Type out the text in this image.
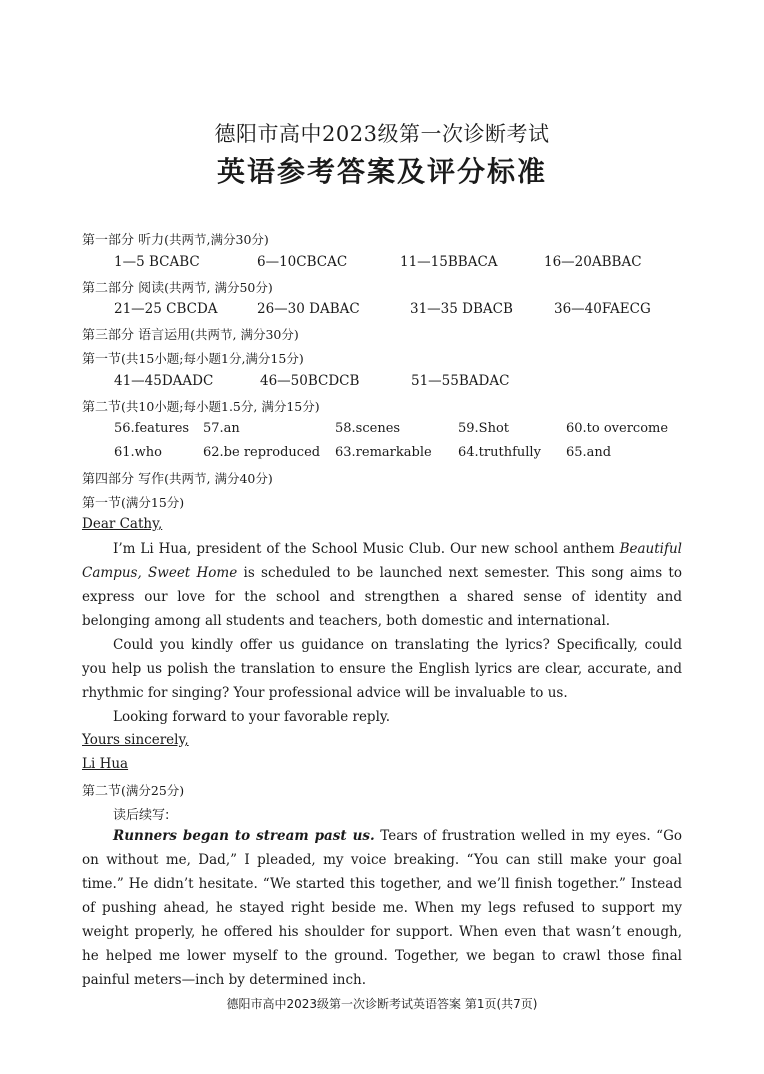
德阳市高中2023级第一次诊断考试
英语参考答案及评分标准
第一部分 听力(共两节,满分30分)
1—5 BCABC	6—10CBCAC	11—15BBACA	16—20ABBAC
第二部分 阅读(共两节, 满分50分)
21—25 CBCDA	26—30 DABAC	31—35 DBACB	36—40FAECG
第三部分 语言运用(共两节, 满分30分)
第一节(共15小题;每小题1分,满分15分)
41—45DAADC	46—50BCDCB	51—55BADAC
第二节(共10小题;每小题1.5分, 满分15分)
56.features 57.an	58.scenes	59.Shot	60.to overcome
61.who	62.be reproduced 63.remarkable 64.truthfully 65.and
第四部分 写作(共两节, 满分40分)
第一节(满分15分)
Dear Cathy,
I’m Li Hua, president of the School Music Club. Our new school anthem Beautiful Campus, Sweet Home is scheduled to be launched next semester. This song aims to express our love for the school and strengthen a shared sense of identity and belonging among all students and teachers, both domestic and international.
Could you kindly offer us guidance on translating the lyrics? Specifically, could you help us polish the translation to ensure the English lyrics are clear, accurate, and rhythmic for singing? Your professional advice will be invaluable to us.
Looking forward to your favorable reply.
Yours sincerely,
Li Hua
第二节(满分25分)
读后续写:
Runners began to stream past us. Tears of frustration welled in my eyes. “Go on without me, Dad,” I pleaded, my voice breaking. “You can still make your goal time.” He didn’t hesitate. “We started this together, and we’ll finish together.” Instead of pushing ahead, he stayed right beside me. When my legs refused to support my weight properly, he offered his shoulder for support. When even that wasn’t enough, he helped me lower myself to the ground. Together, we began to crawl those final painful meters—inch by determined inch.
德阳市高中2023级第一次诊断考试英语答案 第1页(共7页)
